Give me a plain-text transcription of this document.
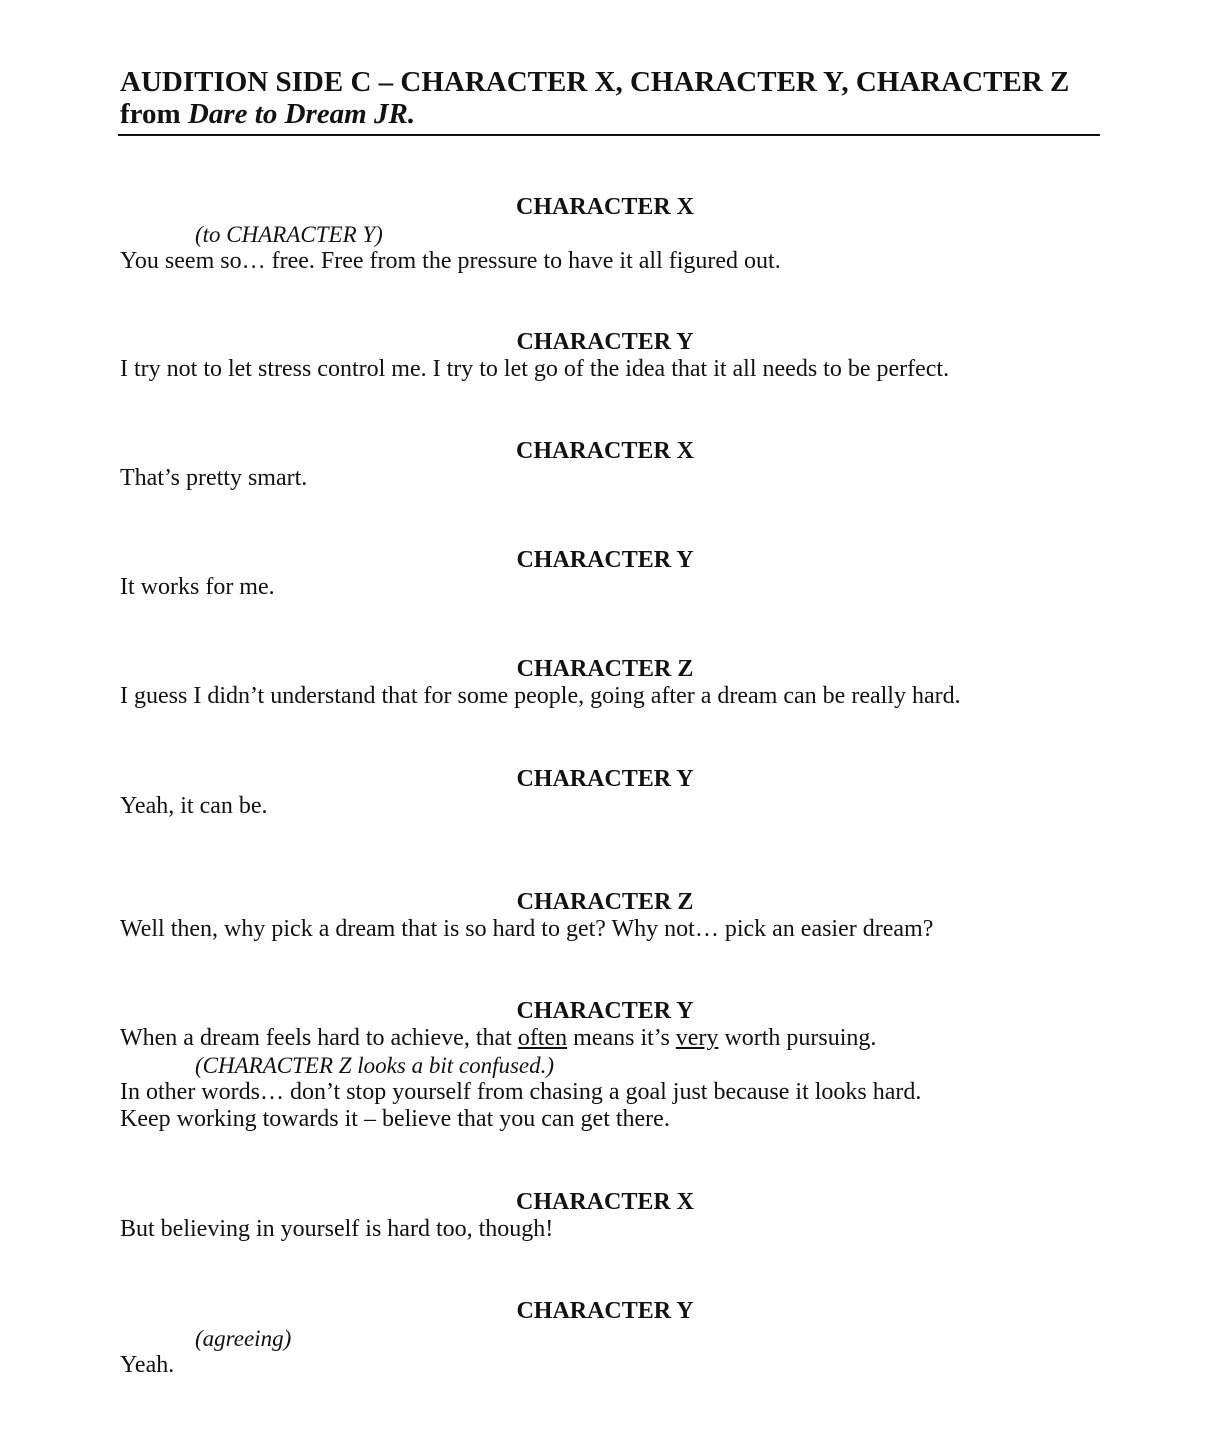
AUDITION SIDE C – CHARACTER X, CHARACTER Y, CHARACTER Z
from Dare to Dream JR.
CHARACTER X
(to CHARACTER Y)
You seem so… free. Free from the pressure to have it all figured out.
CHARACTER Y
I try not to let stress control me. I try to let go of the idea that it all needs to be perfect.
CHARACTER X
That’s pretty smart.
CHARACTER Y
It works for me.
CHARACTER Z
I guess I didn’t understand that for some people, going after a dream can be really hard.
CHARACTER Y
Yeah, it can be.
CHARACTER Z
Well then, why pick a dream that is so hard to get? Why not… pick an easier dream?
CHARACTER Y
When a dream feels hard to achieve, that often means it’s very worth pursuing.
(CHARACTER Z looks a bit confused.)
In other words… don’t stop yourself from chasing a goal just because it looks hard.
Keep working towards it – believe that you can get there.
CHARACTER X
But believing in yourself is hard too, though!
CHARACTER Y
(agreeing)
Yeah.
